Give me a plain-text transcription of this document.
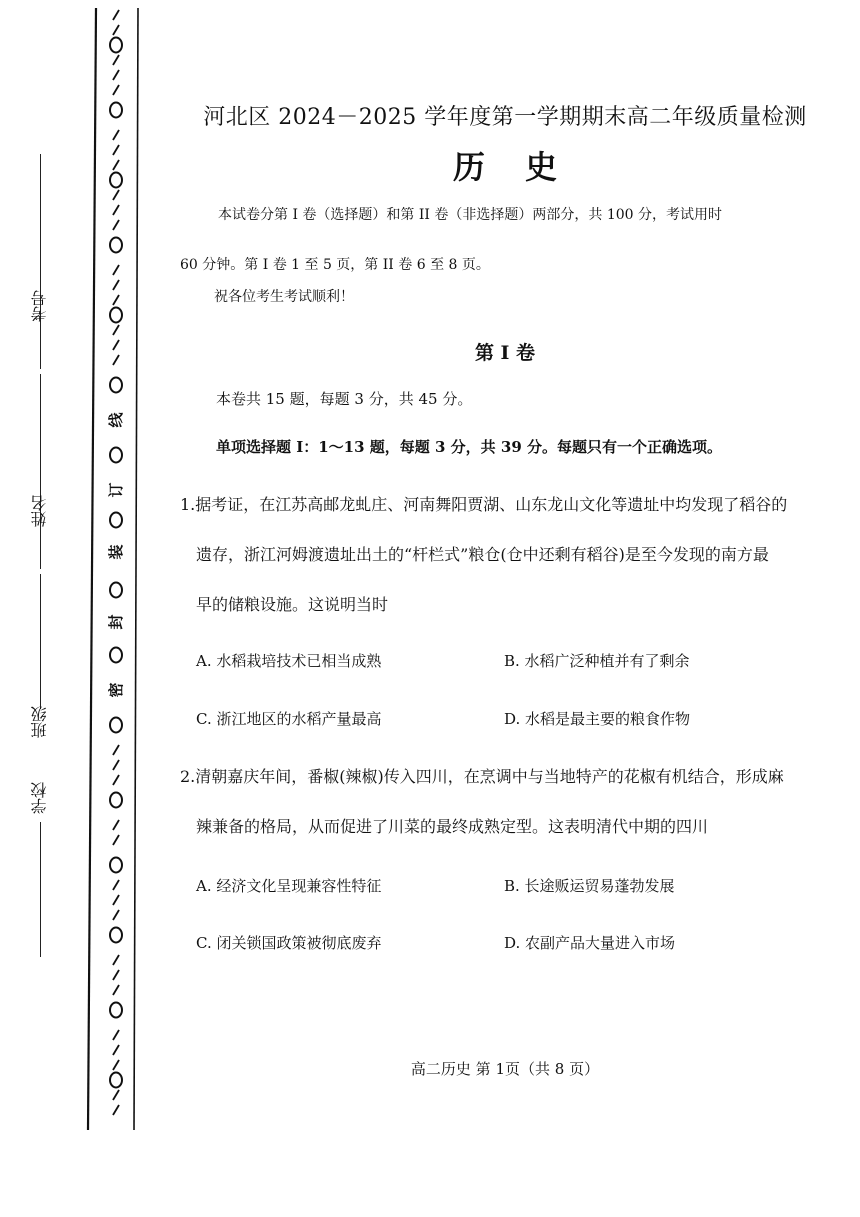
考号
姓名
班级
学校
线
订
装
封
密
河北区 2024－2025 学年度第一学期期末高二年级质量检测
历史

本试卷分第 I 卷（选择题）和第 II 卷（非选择题）两部分，共 100 分，考试用时

60 分钟。第 I 卷 1 至 5 页，第 II 卷 6 至 8 页。

祝各位考生考试顺利！
第 I 卷
本卷共 15 题，每题 3 分，共 45 分。
单项选择题 I：1～13 题，每题 3 分，共 39 分。每题只有一个正确选项。
1.据考证，在江苏高邮龙虬庄、河南舞阳贾湖、山东龙山文化等遗址中均发现了稻谷的
遗存，浙江河姆渡遗址出土的“杆栏式”粮仓(仓中还剩有稻谷)是至今发现的南方最
早的储粮设施。这说明当时
A. 水稻栽培技术已相当成熟	B. 水稻广泛种植并有了剩余
C. 浙江地区的水稻产量最高	D. 水稻是最主要的粮食作物
2.清朝嘉庆年间，番椒(辣椒)传入四川，在烹调中与当地特产的花椒有机结合，形成麻
辣兼备的格局，从而促进了川菜的最终成熟定型。这表明清代中期的四川
A. 经济文化呈现兼容性特征	B. 长途贩运贸易蓬勃发展
C. 闭关锁国政策被彻底废弃	D. 农副产品大量进入市场
高二历史 第 1页（共 8 页）
